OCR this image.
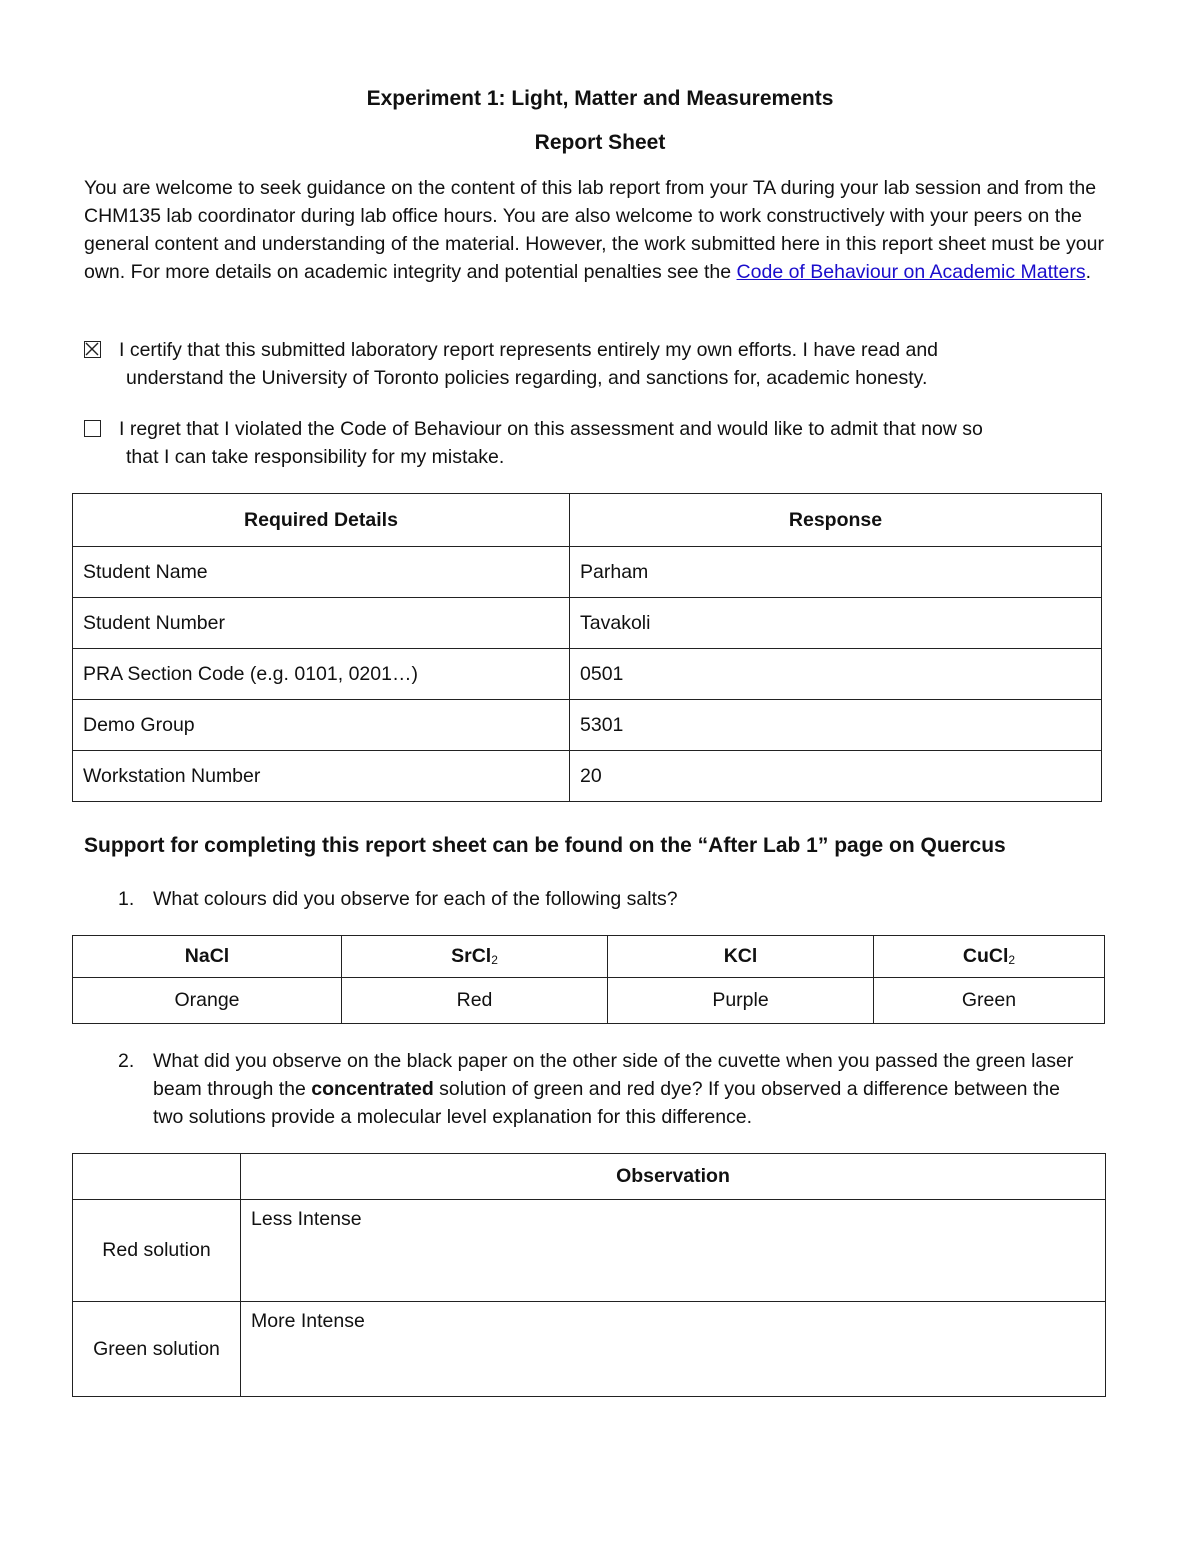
Experiment 1: Light, Matter and Measurements
Report Sheet
You are welcome to seek guidance on the content of this lab report from your TA during your lab session and from the CHM135 lab coordinator during lab office hours. You are also welcome to work constructively with your peers on the general content and understanding of the material. However, the work submitted here in this report sheet must be your own. For more details on academic integrity and potential penalties see the Code of Behaviour on Academic Matters.
I certify that this submitted laboratory report represents entirely my own efforts. I have read and
understand the University of Toronto policies regarding, and sanctions for, academic honesty.
I regret that I violated the Code of Behaviour on this assessment and would like to admit that now so
that I can take responsibility for my mistake.
Required Details	Response
Student Name	Parham
Student Number	Tavakoli
PRA Section Code (e.g. 0101, 0201…)	0501
Demo Group	5301
Workstation Number	20
Support for completing this report sheet can be found on the “After Lab 1” page on Quercus
1. What colours did you observe for each of the following salts?
NaCl	SrCl$_2$	KCl	CuCl$_2$
Orange	Red	Purple	Green
2. What did you observe on the black paper on the other side of the cuvette when you passed the green laser beam through the concentrated solution of green and red dye? If you observed a difference between the two solutions provide a molecular level explanation for this difference.
	Observation
Red solution	Less Intense
Green solution	More Intense
